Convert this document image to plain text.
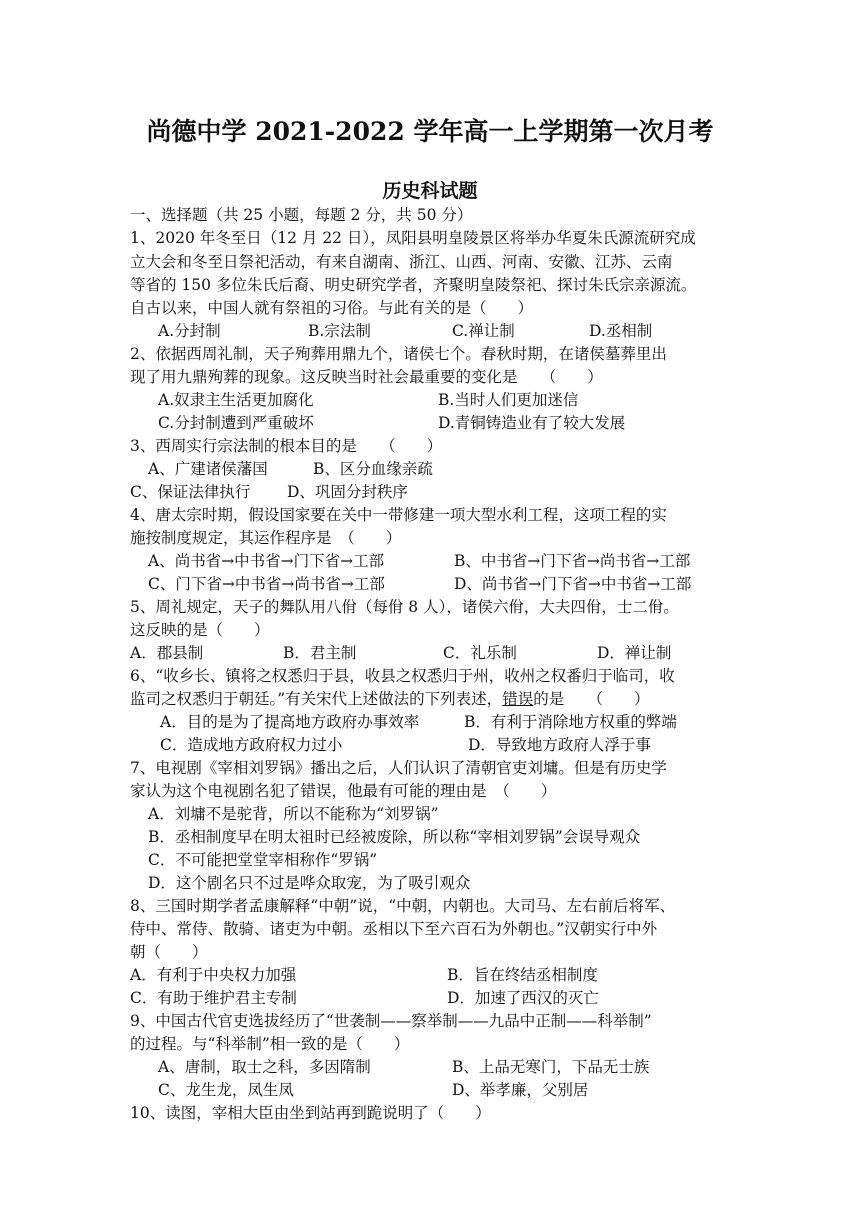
尚德中学 2021-2022 学年高一上学期第一次月考
历史科试题
一、选择题（共 25 小题，每题 2 分，共 50 分）
1、2020 年冬至日（12 月 22 日），凤阳县明皇陵景区将举办华夏朱氏源流研究成
立大会和冬至日祭祀活动，有来自湖南、浙江、山西、河南、安徽、江苏、云南
等省的 150 多位朱氏后裔、明史研究学者，齐聚明皇陵祭祀、探讨朱氏宗亲源流。
自古以来，中国人就有祭祖的习俗。与此有关的是（　　）
A.分封制	B.宗法制	C.禅让制	D.丞相制
2、依据西周礼制，天子殉葬用鼎九个，诸侯七个。春秋时期，在诸侯墓葬里出
现了用九鼎殉葬的现象。这反映当时社会最重要的变化是　　（　　）
A.奴隶主生活更加腐化	B.当时人们更加迷信
C.分封制遭到严重破坏	D.青铜铸造业有了较大发展
3、西周实行宗法制的根本目的是　　（　　）
A、广建诸侯藩国	B、区分血缘亲疏
C、保证法律执行 D、巩固分封秩序
4、唐太宗时期，假设国家要在关中一带修建一项大型水利工程，这项工程的实
施按制度规定，其运作程序是　（　　）
A、尚书省→中书省→门下省→工部	B、中书省→门下省→尚书省→工部
C、门下省→中书省→尚书省→工部	D、尚书省→门下省→中书省→工部
5、周礼规定，天子的舞队用八佾（每佾 8 人），诸侯六佾，大夫四佾，士二佾。
这反映的是（　　）
A．郡县制	B．君主制	C．礼乐制	D．禅让制
6、“收乡长、镇将之权悉归于县，收县之权悉归于州，收州之权番归于临司，收
监司之权悉归于朝廷。”有关宋代上述做法的下列表述，错误的是　　（　　）
A．目的是为了提高地方政府办事效率	B．有利于消除地方权重的弊端
C．造成地方政府权力过小	D．导致地方政府人浮于事
7、电视剧《宰相刘罗锅》播出之后，人们认识了清朝官吏刘墉。但是有历史学
家认为这个电视剧名犯了错误，他最有可能的理由是　（　　）
A．刘墉不是驼背，所以不能称为“刘罗锅”
B．丞相制度早在明太祖时已经被废除，所以称“宰相刘罗锅”会误导观众
C．不可能把堂堂宰相称作“罗锅”
D．这个剧名只不过是哗众取宠，为了吸引观众
8、三国时期学者孟康解释“中朝”说，“中朝，内朝也。大司马、左右前后将军、
侍中、常侍、散骑、诸吏为中朝。丞相以下至六百石为外朝也。”汉朝实行中外
朝（　　）
A．有利于中央权力加强	B．旨在终结丞相制度
C．有助于维护君主专制	D．加速了西汉的灭亡
9、中国古代官吏选拔经历了“世袭制——察举制——九品中正制——科举制”
的过程。与“科举制”相一致的是（　　）
A、唐制，取士之科，多因隋制	B、上品无寒门，下品无士族
C、龙生龙，凤生凤	D、举孝廉，父别居
10、读图，宰相大臣由坐到站再到跪说明了（　　）
